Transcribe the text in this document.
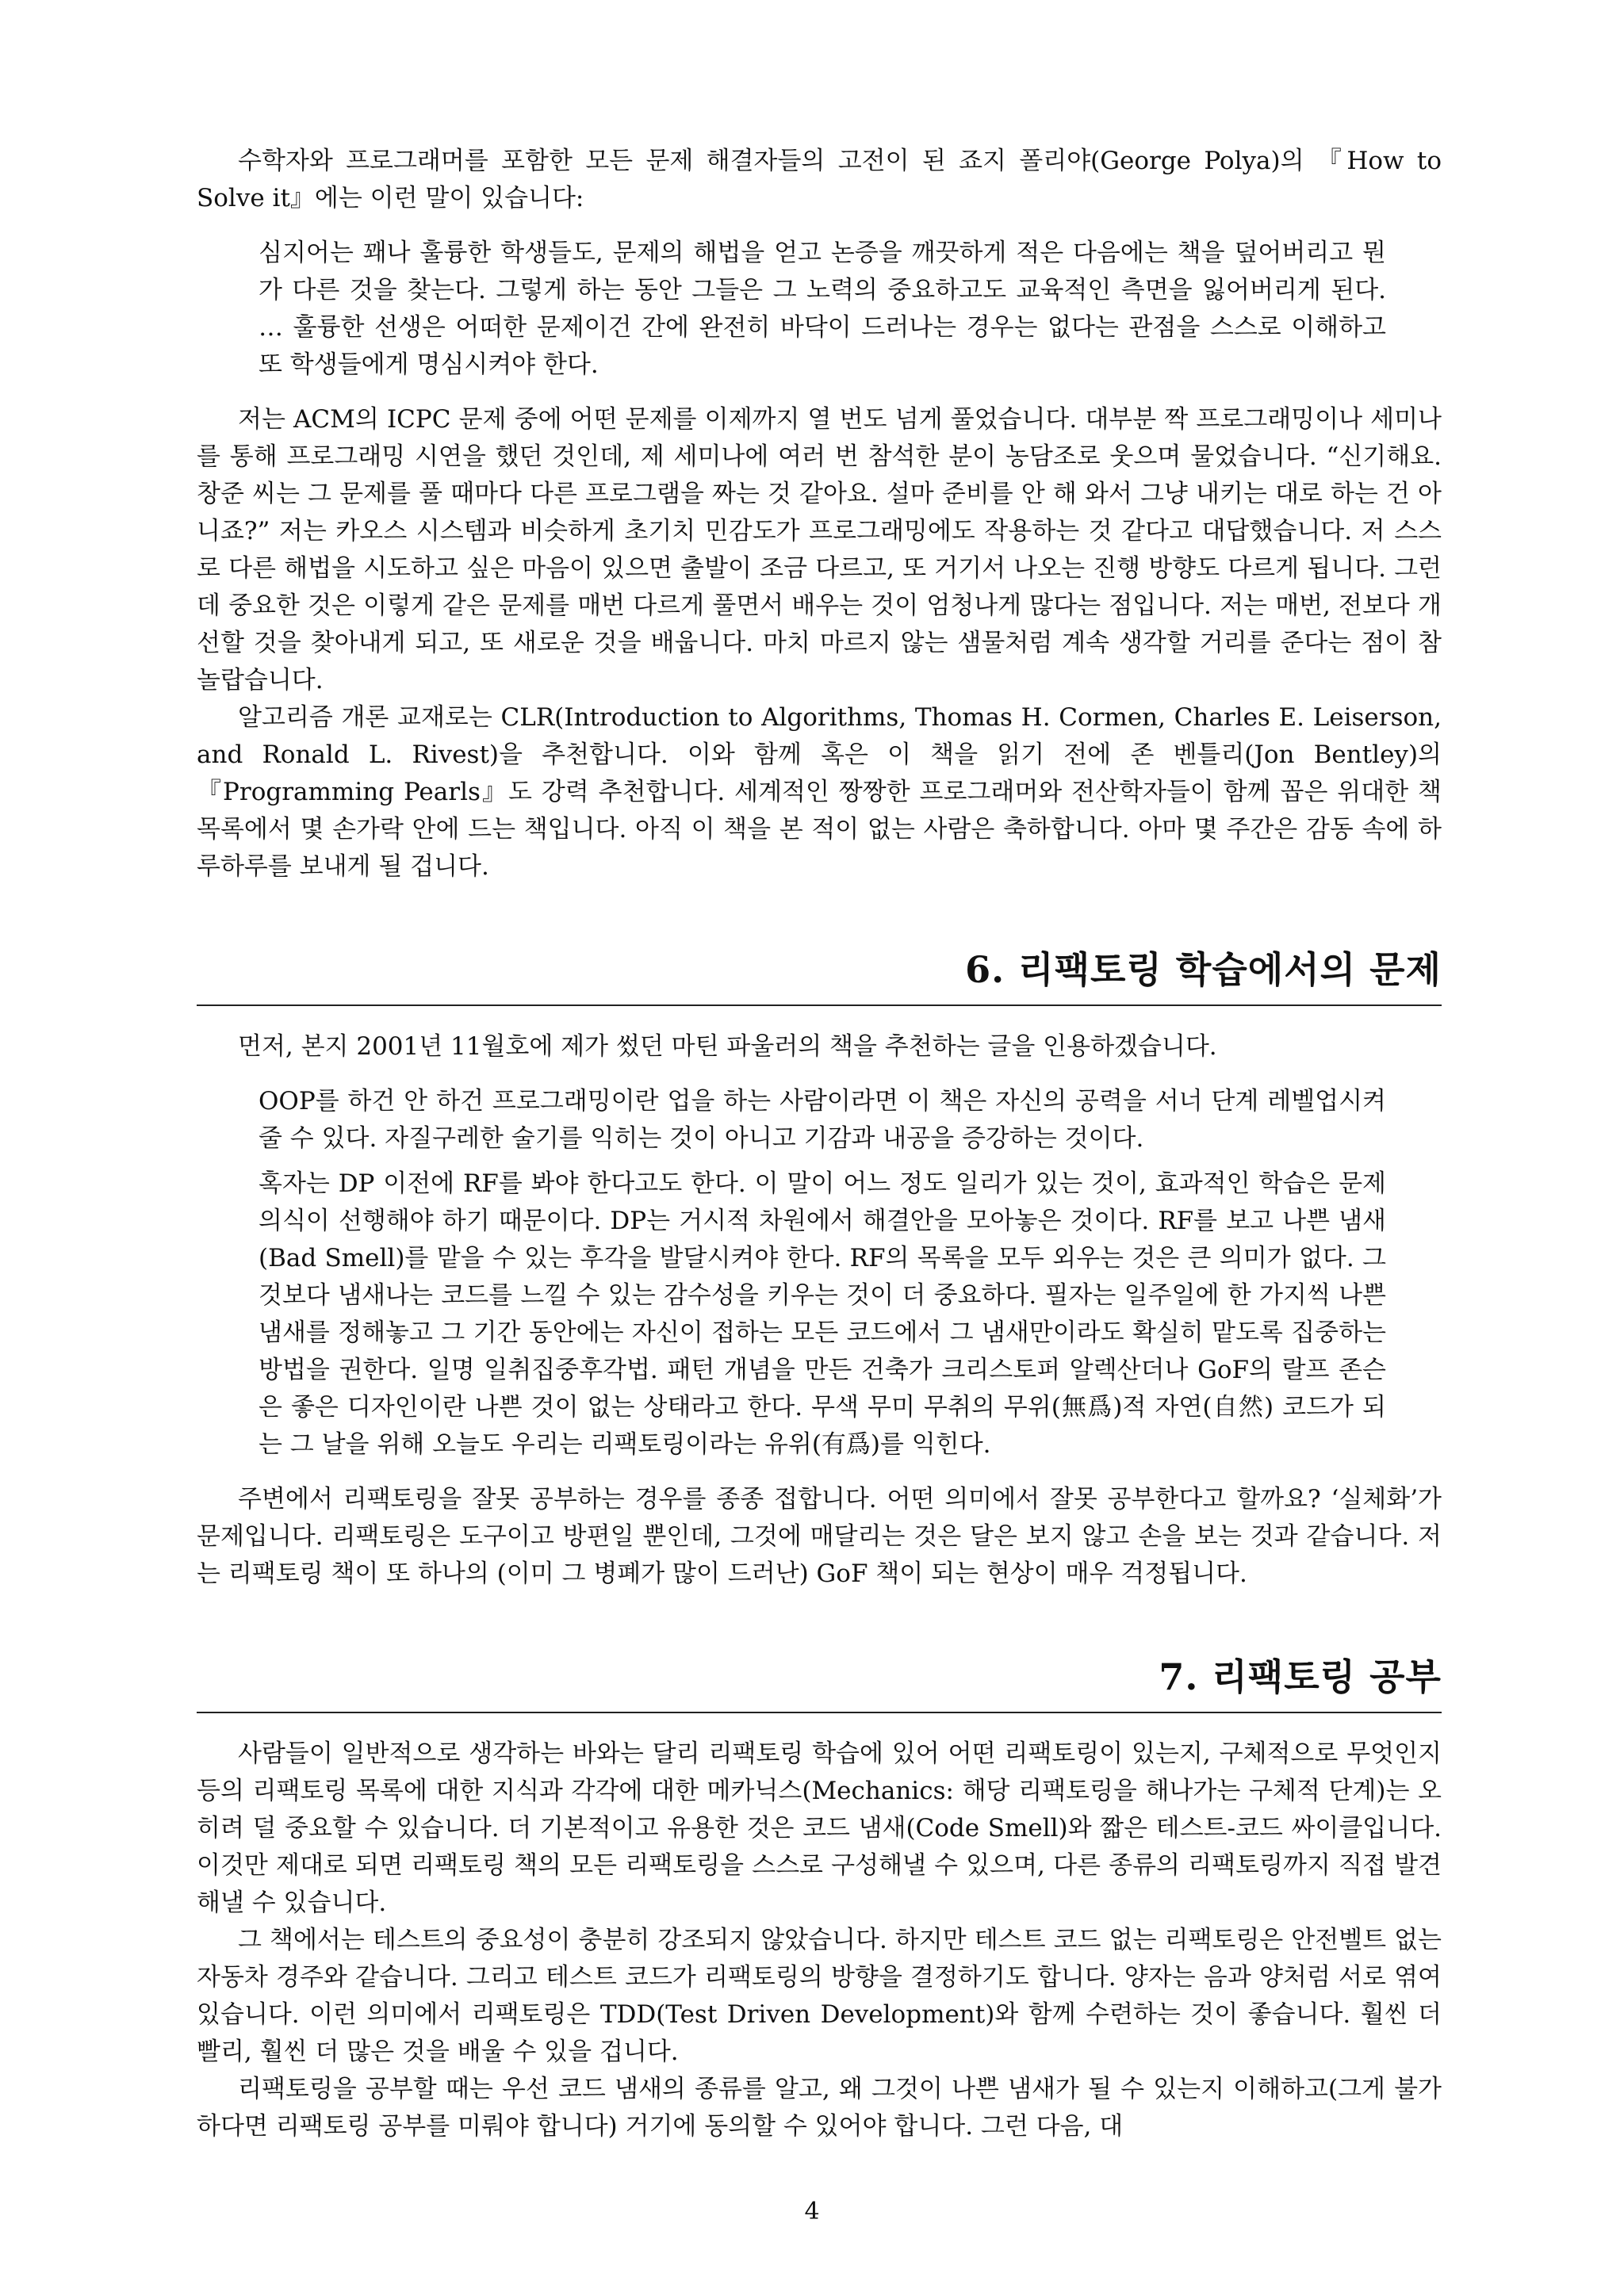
수학자와 프로그래머를 포함한 모든 문제 해결자들의 고전이 된 죠지 폴리야(George Polya)의 『How to Solve it』에는 이런 말이 있습니다:

심지어는 꽤나 훌륭한 학생들도, 문제의 해법을 얻고 논증을 깨끗하게 적은 다음에는 책을 덮어버리고 뭔가 다른 것을 찾는다. 그렇게 하는 동안 그들은 그 노력의 중요하고도 교육적인 측면을 잃어버리게 된다. … 훌륭한 선생은 어떠한 문제이건 간에 완전히 바닥이 드러나는 경우는 없다는 관점을 스스로 이해하고 또 학생들에게 명심시켜야 한다.

저는 ACM의 ICPC 문제 중에 어떤 문제를 이제까지 열 번도 넘게 풀었습니다. 대부분 짝 프로그래밍이나 세미나를 통해 프로그래밍 시연을 했던 것인데, 제 세미나에 여러 번 참석한 분이 농담조로 웃으며 물었습니다. “신기해요. 창준 씨는 그 문제를 풀 때마다 다른 프로그램을 짜는 것 같아요. 설마 준비를 안 해 와서 그냥 내키는 대로 하는 건 아니죠?” 저는 카오스 시스템과 비슷하게 초기치 민감도가 프로그래밍에도 작용하는 것 같다고 대답했습니다. 저 스스로 다른 해법을 시도하고 싶은 마음이 있으면 출발이 조금 다르고, 또 거기서 나오는 진행 방향도 다르게 됩니다. 그런데 중요한 것은 이렇게 같은 문제를 매번 다르게 풀면서 배우는 것이 엄청나게 많다는 점입니다. 저는 매번, 전보다 개선할 것을 찾아내게 되고, 또 새로운 것을 배웁니다. 마치 마르지 않는 샘물처럼 계속 생각할 거리를 준다는 점이 참 놀랍습니다.

알고리즘 개론 교재로는 CLR(Introduction to Algorithms, Thomas H. Cormen, Charles E. Leiserson, and Ronald L. Rivest)을 추천합니다. 이와 함께 혹은 이 책을 읽기 전에 존 벤틀리(Jon Bentley)의 『Programming Pearls』도 강력 추천합니다. 세계적인 짱짱한 프로그래머와 전산학자들이 함께 꼽은 위대한 책 목록에서 몇 손가락 안에 드는 책입니다. 아직 이 책을 본 적이 없는 사람은 축하합니다. 아마 몇 주간은 감동 속에 하루하루를 보내게 될 겁니다.

6. 리팩토링 학습에서의 문제

먼저, 본지 2001년 11월호에 제가 썼던 마틴 파울러의 책을 추천하는 글을 인용하겠습니다.

OOP를 하건 안 하건 프로그래밍이란 업을 하는 사람이라면 이 책은 자신의 공력을 서너 단계 레벨업시켜줄 수 있다. 자질구레한 술기를 익히는 것이 아니고 기감과 내공을 증강하는 것이다.

혹자는 DP 이전에 RF를 봐야 한다고도 한다. 이 말이 어느 정도 일리가 있는 것이, 효과적인 학습은 문제의식이 선행해야 하기 때문이다. DP는 거시적 차원에서 해결안을 모아놓은 것이다. RF를 보고 나쁜 냄새(Bad Smell)를 맡을 수 있는 후각을 발달시켜야 한다. RF의 목록을 모두 외우는 것은 큰 의미가 없다. 그것보다 냄새나는 코드를 느낄 수 있는 감수성을 키우는 것이 더 중요하다. 필자는 일주일에 한 가지씩 나쁜 냄새를 정해놓고 그 기간 동안에는 자신이 접하는 모든 코드에서 그 냄새만이라도 확실히 맡도록 집중하는 방법을 권한다. 일명 일취집중후각법. 패턴 개념을 만든 건축가 크리스토퍼 알렉산더나 GoF의 랄프 존슨은 좋은 디자인이란 나쁜 것이 없는 상태라고 한다. 무색 무미 무취의 무위(無爲)적 자연(自然) 코드가 되는 그 날을 위해 오늘도 우리는 리팩토링이라는 유위(有爲)를 익힌다.

주변에서 리팩토링을 잘못 공부하는 경우를 종종 접합니다. 어떤 의미에서 잘못 공부한다고 할까요? ‘실체화’가 문제입니다. 리팩토링은 도구이고 방편일 뿐인데, 그것에 매달리는 것은 달은 보지 않고 손을 보는 것과 같습니다. 저는 리팩토링 책이 또 하나의 (이미 그 병폐가 많이 드러난) GoF 책이 되는 현상이 매우 걱정됩니다.

7. 리팩토링 공부

사람들이 일반적으로 생각하는 바와는 달리 리팩토링 학습에 있어 어떤 리팩토링이 있는지, 구체적으로 무엇인지 등의 리팩토링 목록에 대한 지식과 각각에 대한 메카닉스(Mechanics: 해당 리팩토링을 해나가는 구체적 단계)는 오히려 덜 중요할 수 있습니다. 더 기본적이고 유용한 것은 코드 냄새(Code Smell)와 짧은 테스트-코드 싸이클입니다. 이것만 제대로 되면 리팩토링 책의 모든 리팩토링을 스스로 구성해낼 수 있으며, 다른 종류의 리팩토링까지 직접 발견해낼 수 있습니다.

그 책에서는 테스트의 중요성이 충분히 강조되지 않았습니다. 하지만 테스트 코드 없는 리팩토링은 안전벨트 없는 자동차 경주와 같습니다. 그리고 테스트 코드가 리팩토링의 방향을 결정하기도 합니다. 양자는 음과 양처럼 서로 엮여 있습니다. 이런 의미에서 리팩토링은 TDD(Test Driven Development)와 함께 수련하는 것이 좋습니다. 훨씬 더 빨리, 훨씬 더 많은 것을 배울 수 있을 겁니다.

리팩토링을 공부할 때는 우선 코드 냄새의 종류를 알고, 왜 그것이 나쁜 냄새가 될 수 있는지 이해하고(그게 불가하다면 리팩토링 공부를 미뤄야 합니다) 거기에 동의할 수 있어야 합니다. 그런 다음, 대

4
